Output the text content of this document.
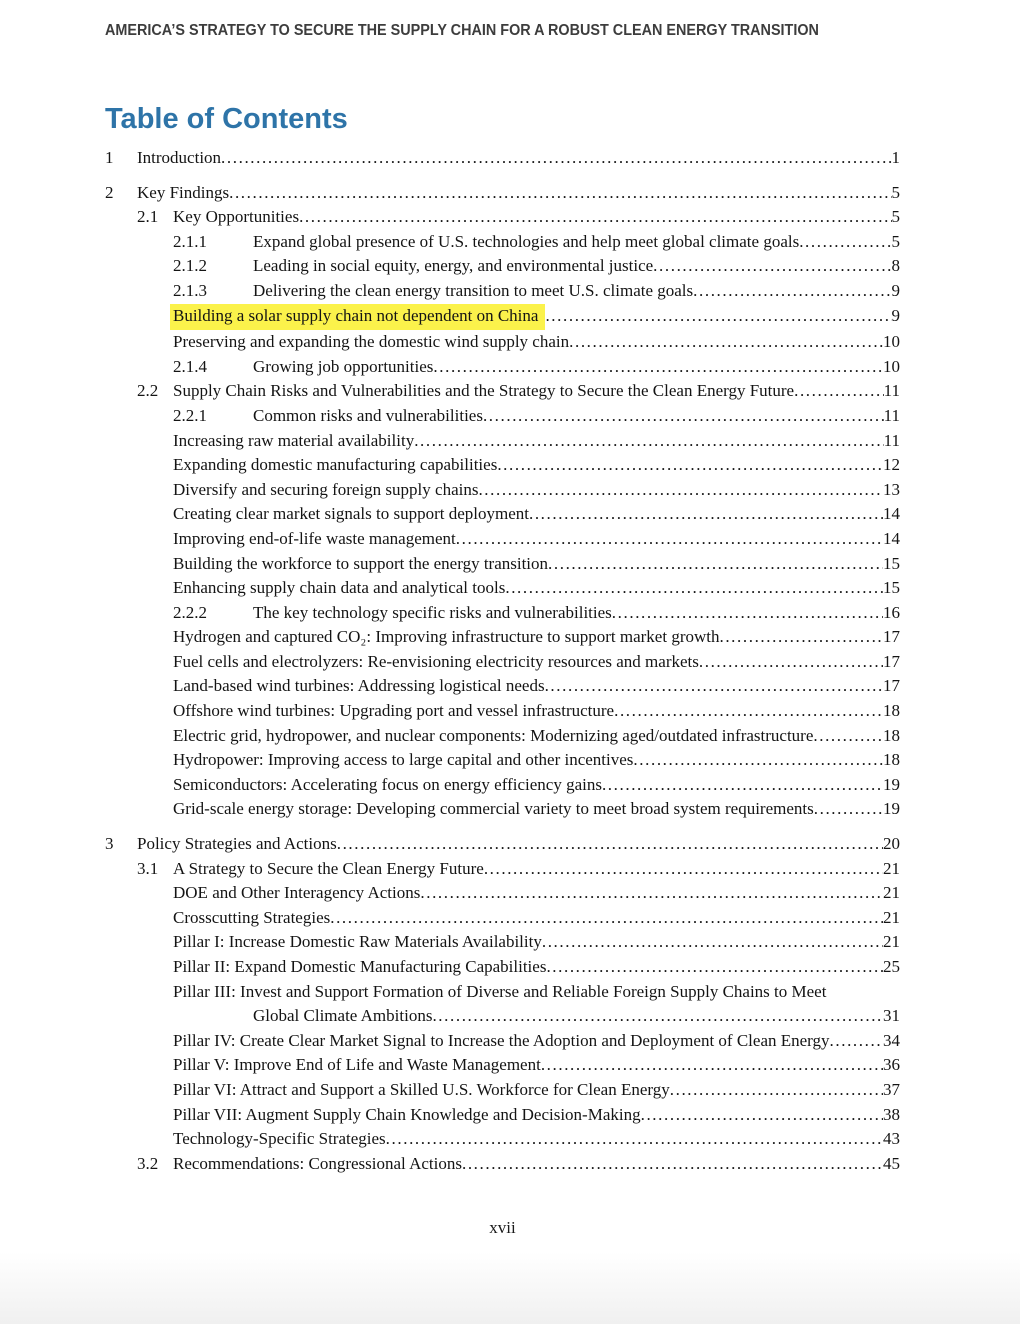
AMERICA’S STRATEGY TO SECURE THE SUPPLY CHAIN FOR A ROBUST CLEAN ENERGY TRANSITION
Table of Contents
1	Introduction .....	1
2	Key Findings .....	5
2.1 Key Opportunities .....	5
2.1.1	Expand global presence of U.S. technologies and help meet global climate goals .....	5
2.1.2	Leading in social equity, energy, and environmental justice .....	8
2.1.3	Delivering the clean energy transition to meet U.S. climate goals .....	9
Building a solar supply chain not dependent on China .....	9
Preserving and expanding the domestic wind supply chain .....	10
2.1.4	Growing job opportunities .....	10
2.2 Supply Chain Risks and Vulnerabilities and the Strategy to Secure the Clean Energy Future .....	11
2.2.1	Common risks and vulnerabilities .....	11
Increasing raw material availability .....	11
Expanding domestic manufacturing capabilities .....	12
Diversify and securing foreign supply chains .....	13
Creating clear market signals to support deployment .....	14
Improving end-of-life waste management .....	14
Building the workforce to support the energy transition .....	15
Enhancing supply chain data and analytical tools .....	15
2.2.2	The key technology specific risks and vulnerabilities .....	16
Hydrogen and captured CO₂: Improving infrastructure to support market growth .....	17
Fuel cells and electrolyzers: Re-envisioning electricity resources and markets .....	17
Land-based wind turbines: Addressing logistical needs .....	17
Offshore wind turbines: Upgrading port and vessel infrastructure .....	18
Electric grid, hydropower, and nuclear components: Modernizing aged/outdated infrastructure .....	18
Hydropower: Improving access to large capital and other incentives .....	18
Semiconductors: Accelerating focus on energy efficiency gains .....	19
Grid-scale energy storage: Developing commercial variety to meet broad system requirements .....	19
3	Policy Strategies and Actions .....	20
3.1 A Strategy to Secure the Clean Energy Future .....	21
DOE and Other Interagency Actions .....	21
Crosscutting Strategies .....	21
Pillar I: Increase Domestic Raw Materials Availability .....	21
Pillar II: Expand Domestic Manufacturing Capabilities .....	25
Pillar III: Invest and Support Formation of Diverse and Reliable Foreign Supply Chains to Meet
Global Climate Ambitions .....	31
Pillar IV: Create Clear Market Signal to Increase the Adoption and Deployment of Clean Energy .....	34
Pillar V: Improve End of Life and Waste Management .....	36
Pillar VI: Attract and Support a Skilled U.S. Workforce for Clean Energy .....	37
Pillar VII: Augment Supply Chain Knowledge and Decision-Making .....	38
Technology-Specific Strategies .....	43
3.2 Recommendations: Congressional Actions .....	45
xvii
